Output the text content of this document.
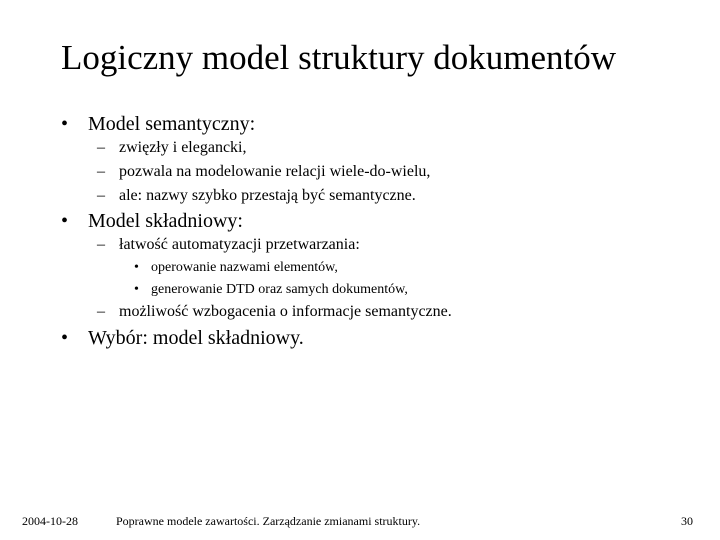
Logiczny model struktury dokumentów
• Model semantyczny:
– zwięzły i elegancki,
– pozwala na modelowanie relacji wiele-do-wielu,
– ale: nazwy szybko przestają być semantyczne.
• Model składniowy:
– łatwość automatyzacji przetwarzania:
• operowanie nazwami elementów,
• generowanie DTD oraz samych dokumentów,
– możliwość wzbogacenia o informacje semantyczne.
• Wybór: model składniowy.
2004-10-28	Poprawne modele zawartości. Zarządzanie zmianami struktury.	30
